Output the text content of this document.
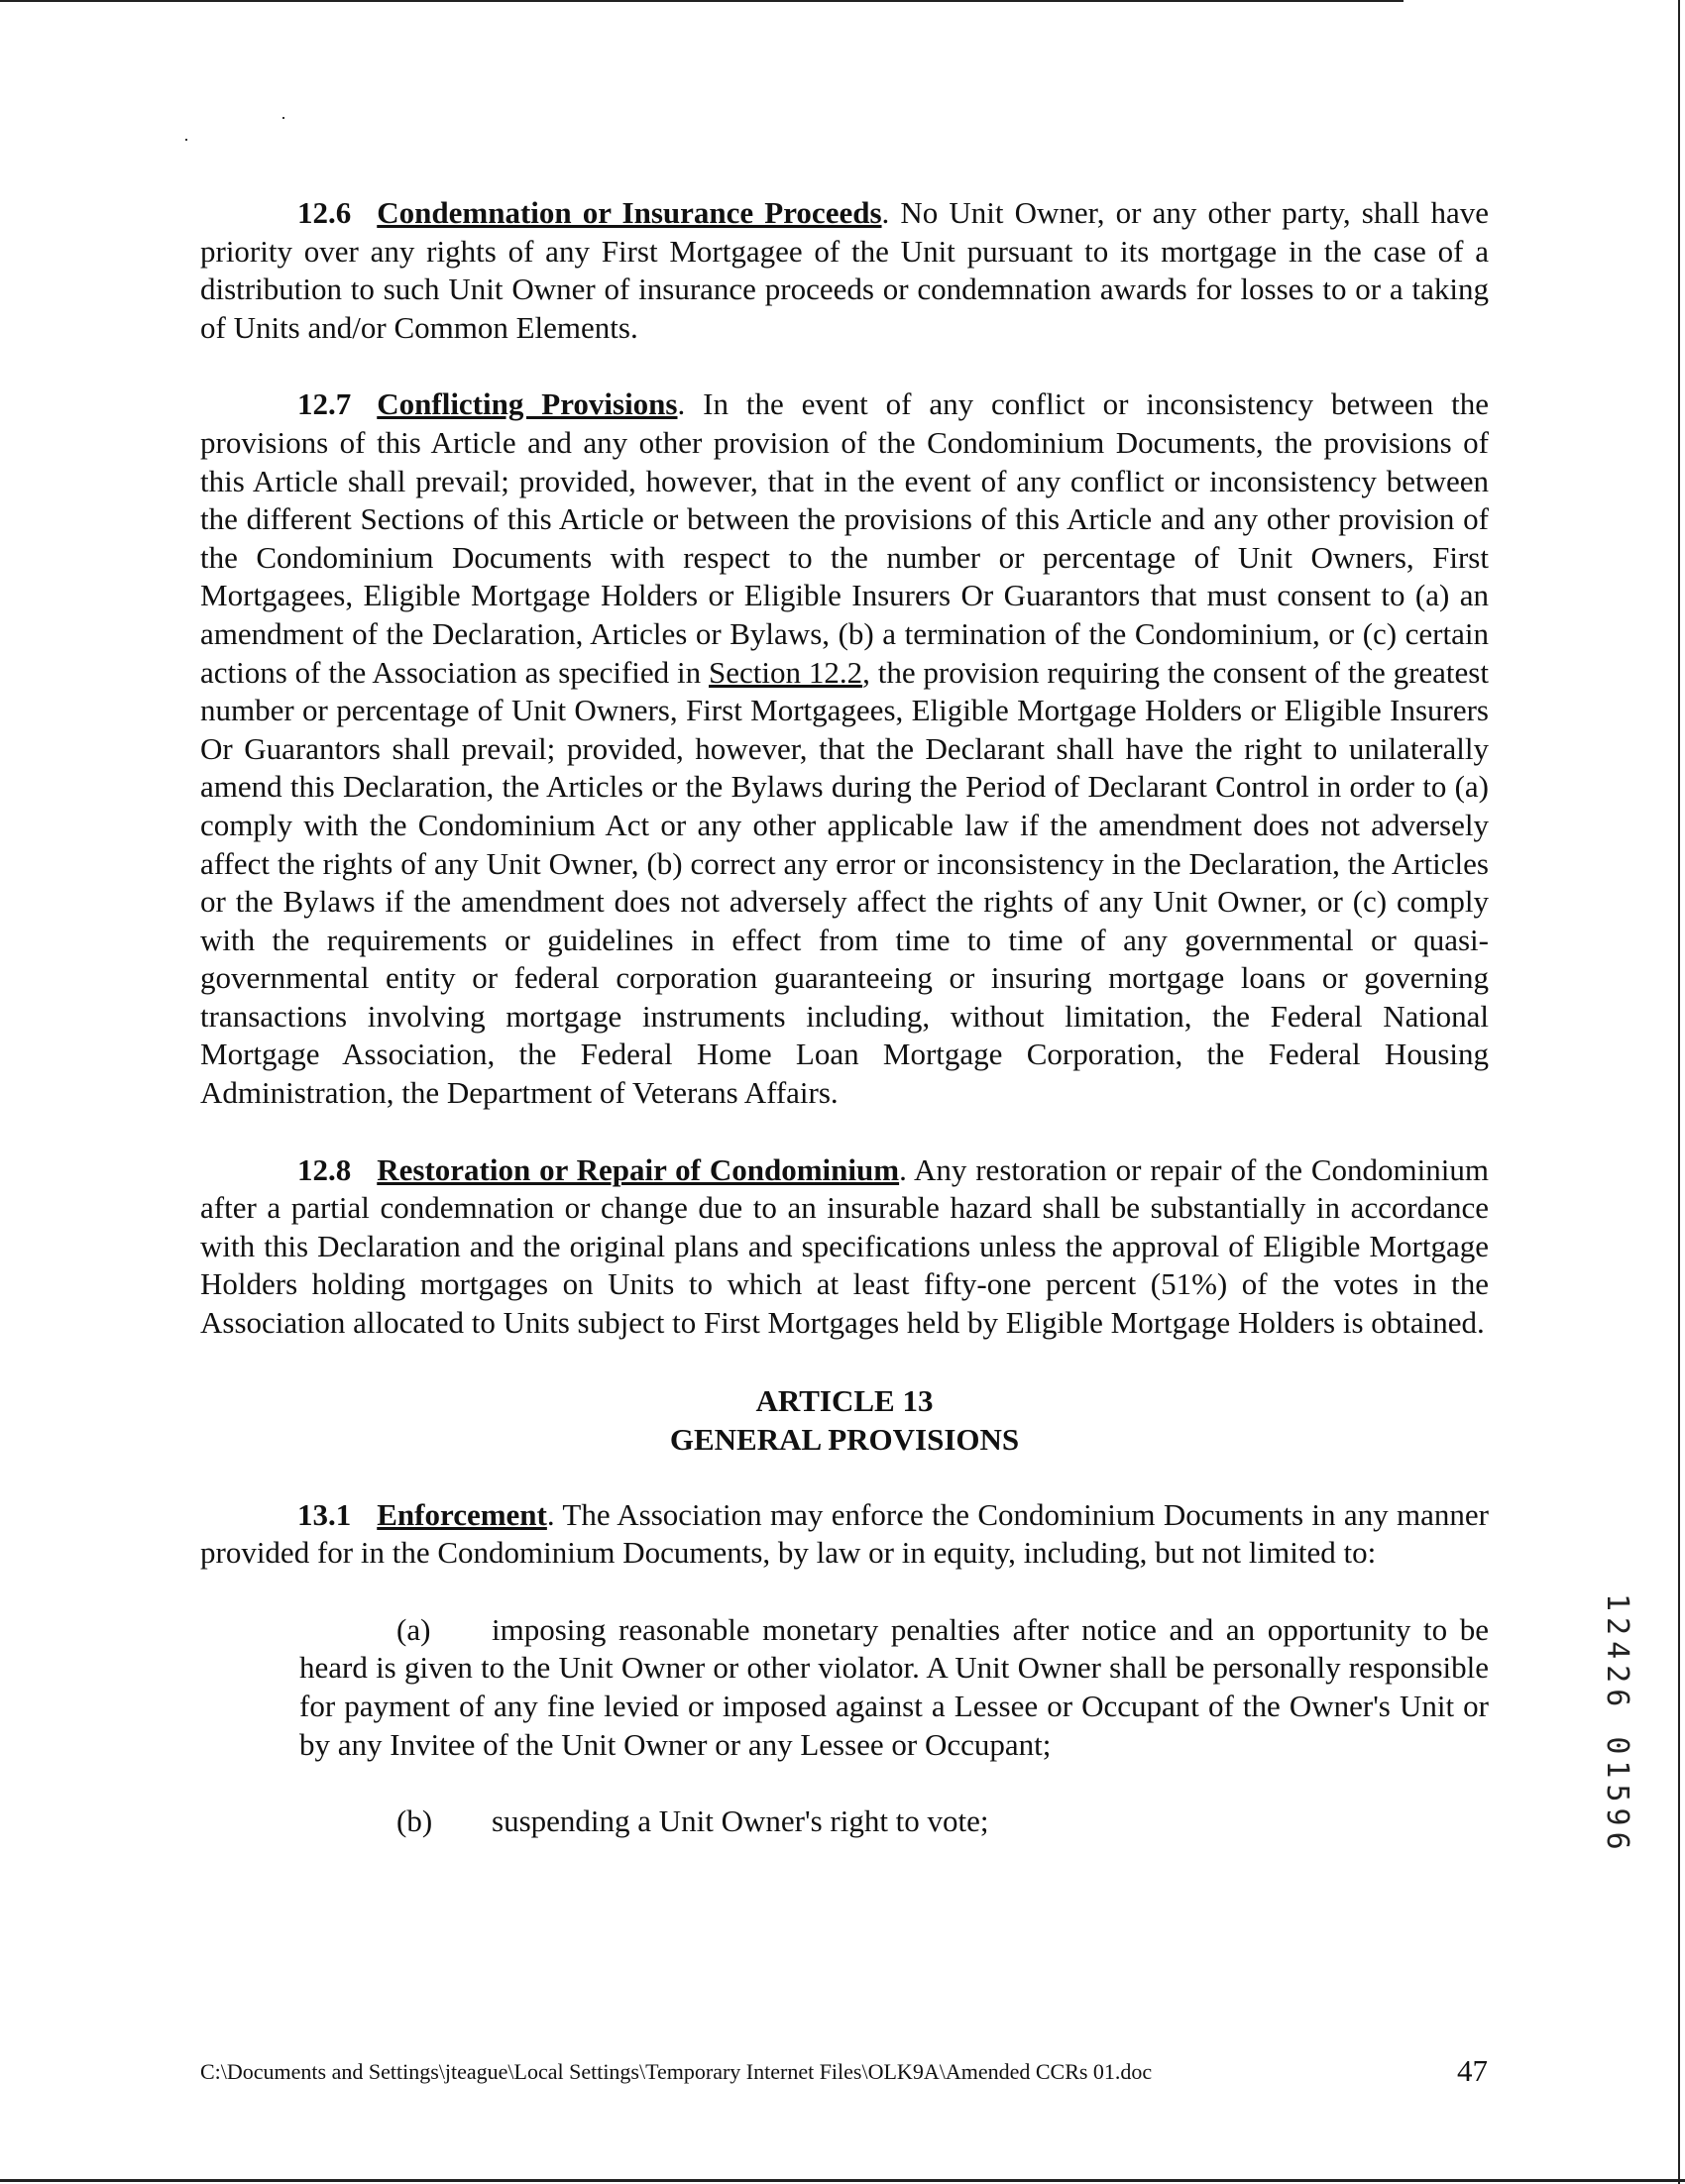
12.6 Condemnation or Insurance Proceeds. No Unit Owner, or any other party, shall have priority over any rights of any First Mortgagee of the Unit pursuant to its mortgage in the case of a distribution to such Unit Owner of insurance proceeds or condemnation awards for losses to or a taking of Units and/or Common Elements.

12.7 Conflicting Provisions. In the event of any conflict or inconsistency between the provisions of this Article and any other provision of the Condominium Documents, the provisions of this Article shall prevail; provided, however, that in the event of any conflict or inconsistency between the different Sections of this Article or between the provisions of this Article and any other provision of the Condominium Documents with respect to the number or percentage of Unit Owners, First Mortgagees, Eligible Mortgage Holders or Eligible Insurers Or Guarantors that must consent to (a) an amendment of the Declaration, Articles or Bylaws, (b) a termination of the Condominium, or (c) certain actions of the Association as specified in Section 12.2, the provision requiring the consent of the greatest number or percentage of Unit Owners, First Mortgagees, Eligible Mortgage Holders or Eligible Insurers Or Guarantors shall prevail; provided, however, that the Declarant shall have the right to unilaterally amend this Declaration, the Articles or the Bylaws during the Period of Declarant Control in order to (a) comply with the Condominium Act or any other applicable law if the amendment does not adversely affect the rights of any Unit Owner, (b) correct any error or inconsistency in the Declaration, the Articles or the Bylaws if the amendment does not adversely affect the rights of any Unit Owner, or (c) comply with the requirements or guidelines in effect from time to time of any governmental or quasi-governmental entity or federal corporation guaranteeing or insuring mortgage loans or governing transactions involving mortgage instruments including, without limitation, the Federal National Mortgage Association, the Federal Home Loan Mortgage Corporation, the Federal Housing Administration, the Department of Veterans Affairs.

12.8 Restoration or Repair of Condominium. Any restoration or repair of the Condominium after a partial condemnation or change due to an insurable hazard shall be substantially in accordance with this Declaration and the original plans and specifications unless the approval of Eligible Mortgage Holders holding mortgages on Units to which at least fifty-one percent (51%) of the votes in the Association allocated to Units subject to First Mortgages held by Eligible Mortgage Holders is obtained.

ARTICLE 13
GENERAL PROVISIONS

13.1 Enforcement. The Association may enforce the Condominium Documents in any manner provided for in the Condominium Documents, by law or in equity, including, but not limited to:

(a) imposing reasonable monetary penalties after notice and an opportunity to be heard is given to the Unit Owner or other violator. A Unit Owner shall be personally responsible for payment of any fine levied or imposed against a Lessee or Occupant of the Owner's Unit or by any Invitee of the Unit Owner or any Lessee or Occupant;

(b) suspending a Unit Owner's right to vote;	12426 01596
C:\Documents and Settings\jteague\Local Settings\Temporary Internet Files\OLK9A\Amended CCRs 01.doc	47
